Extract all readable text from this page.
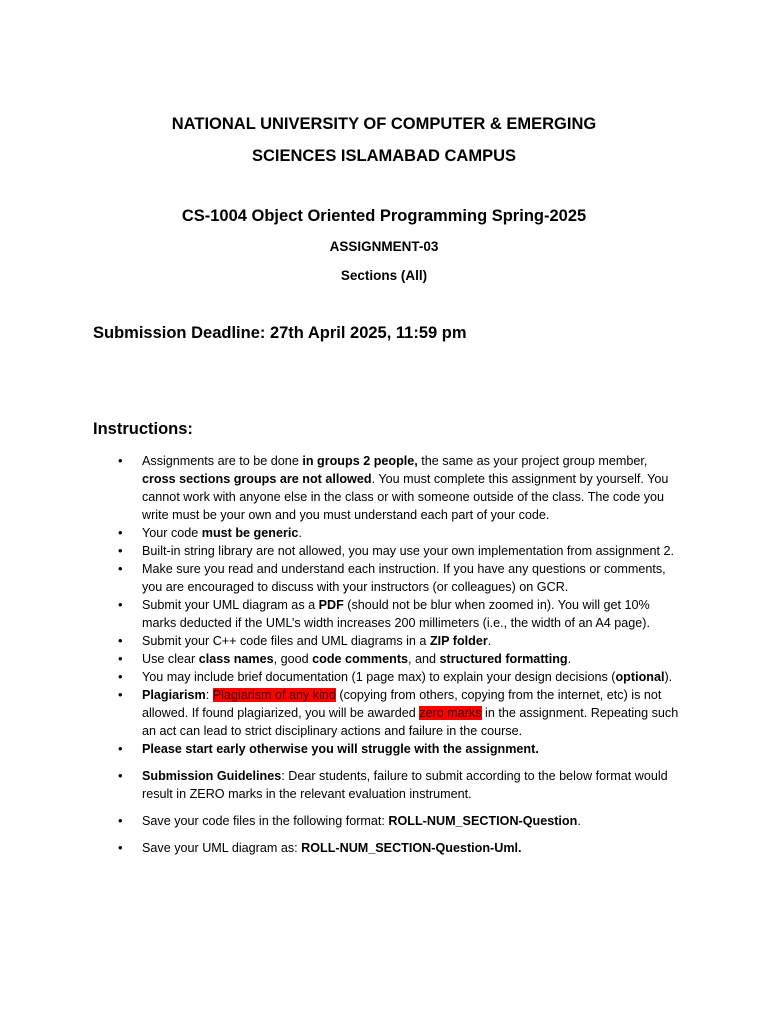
NATIONAL UNIVERSITY OF COMPUTER & EMERGING
SCIENCES ISLAMABAD CAMPUS
CS-1004 Object Oriented Programming Spring-2025
ASSIGNMENT-03
Sections (All)
Submission Deadline: 27th April 2025, 11:59 pm
Instructions:
• Assignments are to be done in groups 2 people, the same as your project group member, cross sections groups are not allowed. You must complete this assignment by yourself. You cannot work with anyone else in the class or with someone outside of the class. The code you write must be your own and you must understand each part of your code.
• Your code must be generic.
• Built-in string library are not allowed, you may use your own implementation from assignment 2.
• Make sure you read and understand each instruction. If you have any questions or comments, you are encouraged to discuss with your instructors (or colleagues) on GCR.
• Submit your UML diagram as a PDF (should not be blur when zoomed in). You will get 10% marks deducted if the UML’s width increases 200 millimeters (i.e., the width of an A4 page).
• Submit your C++ code files and UML diagrams in a ZIP folder.
• Use clear class names, good code comments, and structured formatting.
• You may include brief documentation (1 page max) to explain your design decisions (optional).
• Plagiarism: Plagiarism of any kind (copying from others, copying from the internet, etc) is not allowed. If found plagiarized, you will be awarded zero marks in the assignment. Repeating such an act can lead to strict disciplinary actions and failure in the course.
• Please start early otherwise you will struggle with the assignment.
• Submission Guidelines: Dear students, failure to submit according to the below format would result in ZERO marks in the relevant evaluation instrument.
• Save your code files in the following format: ROLL-NUM_SECTION-Question.
• Save your UML diagram as: ROLL-NUM_SECTION-Question-Uml.
